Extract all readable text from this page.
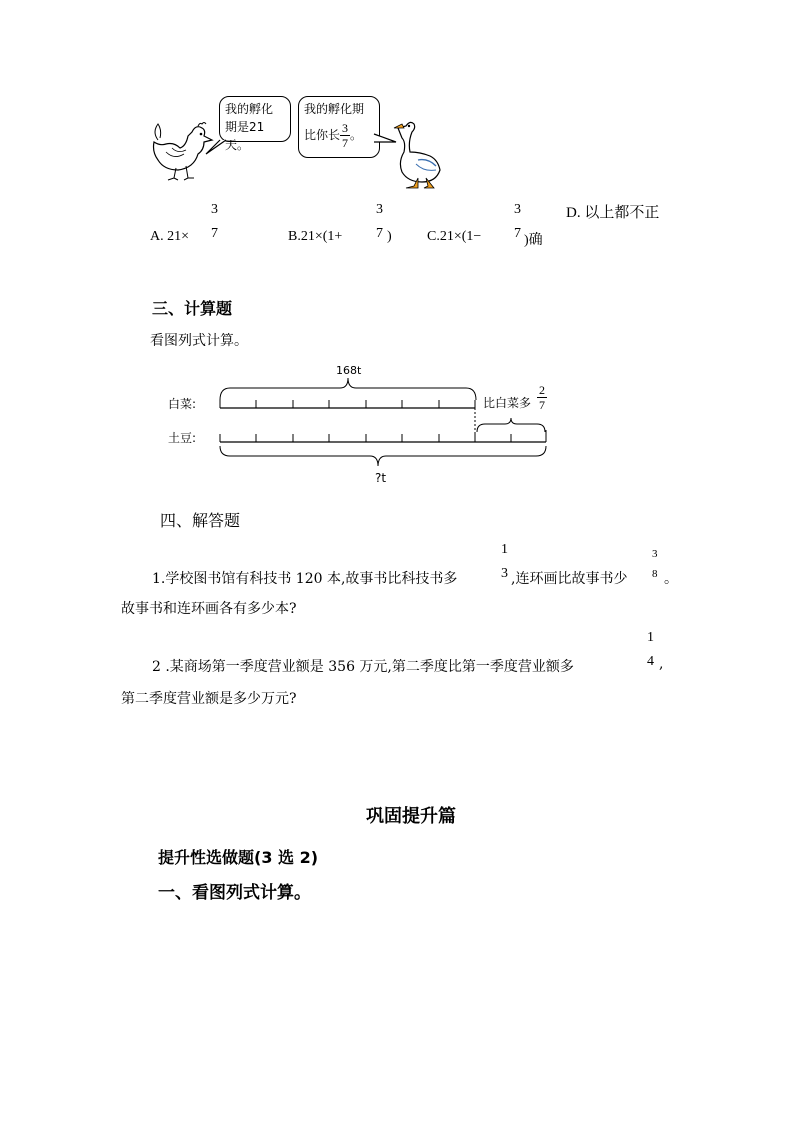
我的孵化
期是21天。
我的孵化期
比你长 $\frac{3}{7}$ 。
A. 21×
3
7	B.21×(1+
3
7 )	C.21×(1−
3
7 )确
D. 以上都不正
三、计算题
看图列式计算。
168t
白菜:
土豆:
比白菜多 $\frac{2}{7}$
?t
四、解答题
1.学校图书馆有科技书 120 本,故事书比科技书多
1
3 ,连环画比故事书少
3
8 。
故事书和连环画各有多少本?
2 .某商场第一季度营业额是 356 万元,第二季度比第一季度营业额多
1
4 ,
第二季度营业额是多少万元?
巩固提升篇
提升性选做题(3 选 2)
一、看图列式计算。
